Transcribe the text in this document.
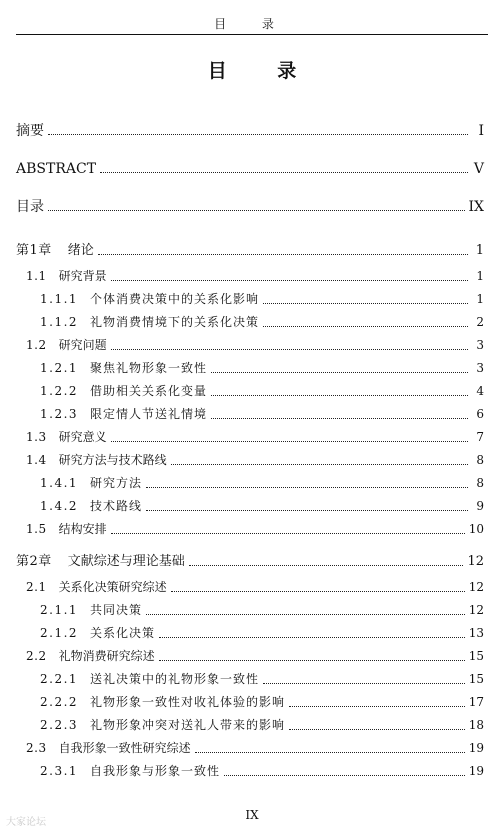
目 录
目 录
摘要	I
ABSTRACT	V
目录	IX
第1章 绪论	1
1.1 研究背景	1
1.1.1 个体消费决策中的关系化影响	1
1.1.2 礼物消费情境下的关系化决策	2
1.2 研究问题	3
1.2.1 聚焦礼物形象一致性	3
1.2.2 借助相关关系化变量	4
1.2.3 限定情人节送礼情境	6
1.3 研究意义	7
1.4 研究方法与技术路线	8
1.4.1 研究方法	8
1.4.2 技术路线	9
1.5 结构安排	10
第2章 文献综述与理论基础	12
2.1 关系化决策研究综述	12
2.1.1 共同决策	12
2.1.2 关系化决策	13
2.2 礼物消费研究综述	15
2.2.1 送礼决策中的礼物形象一致性	15
2.2.2 礼物形象一致性对收礼体验的影响	17
2.2.3 礼物形象冲突对送礼人带来的影响	18
2.3 自我形象一致性研究综述	19
2.3.1 自我形象与形象一致性	19
IX
大家论坛
